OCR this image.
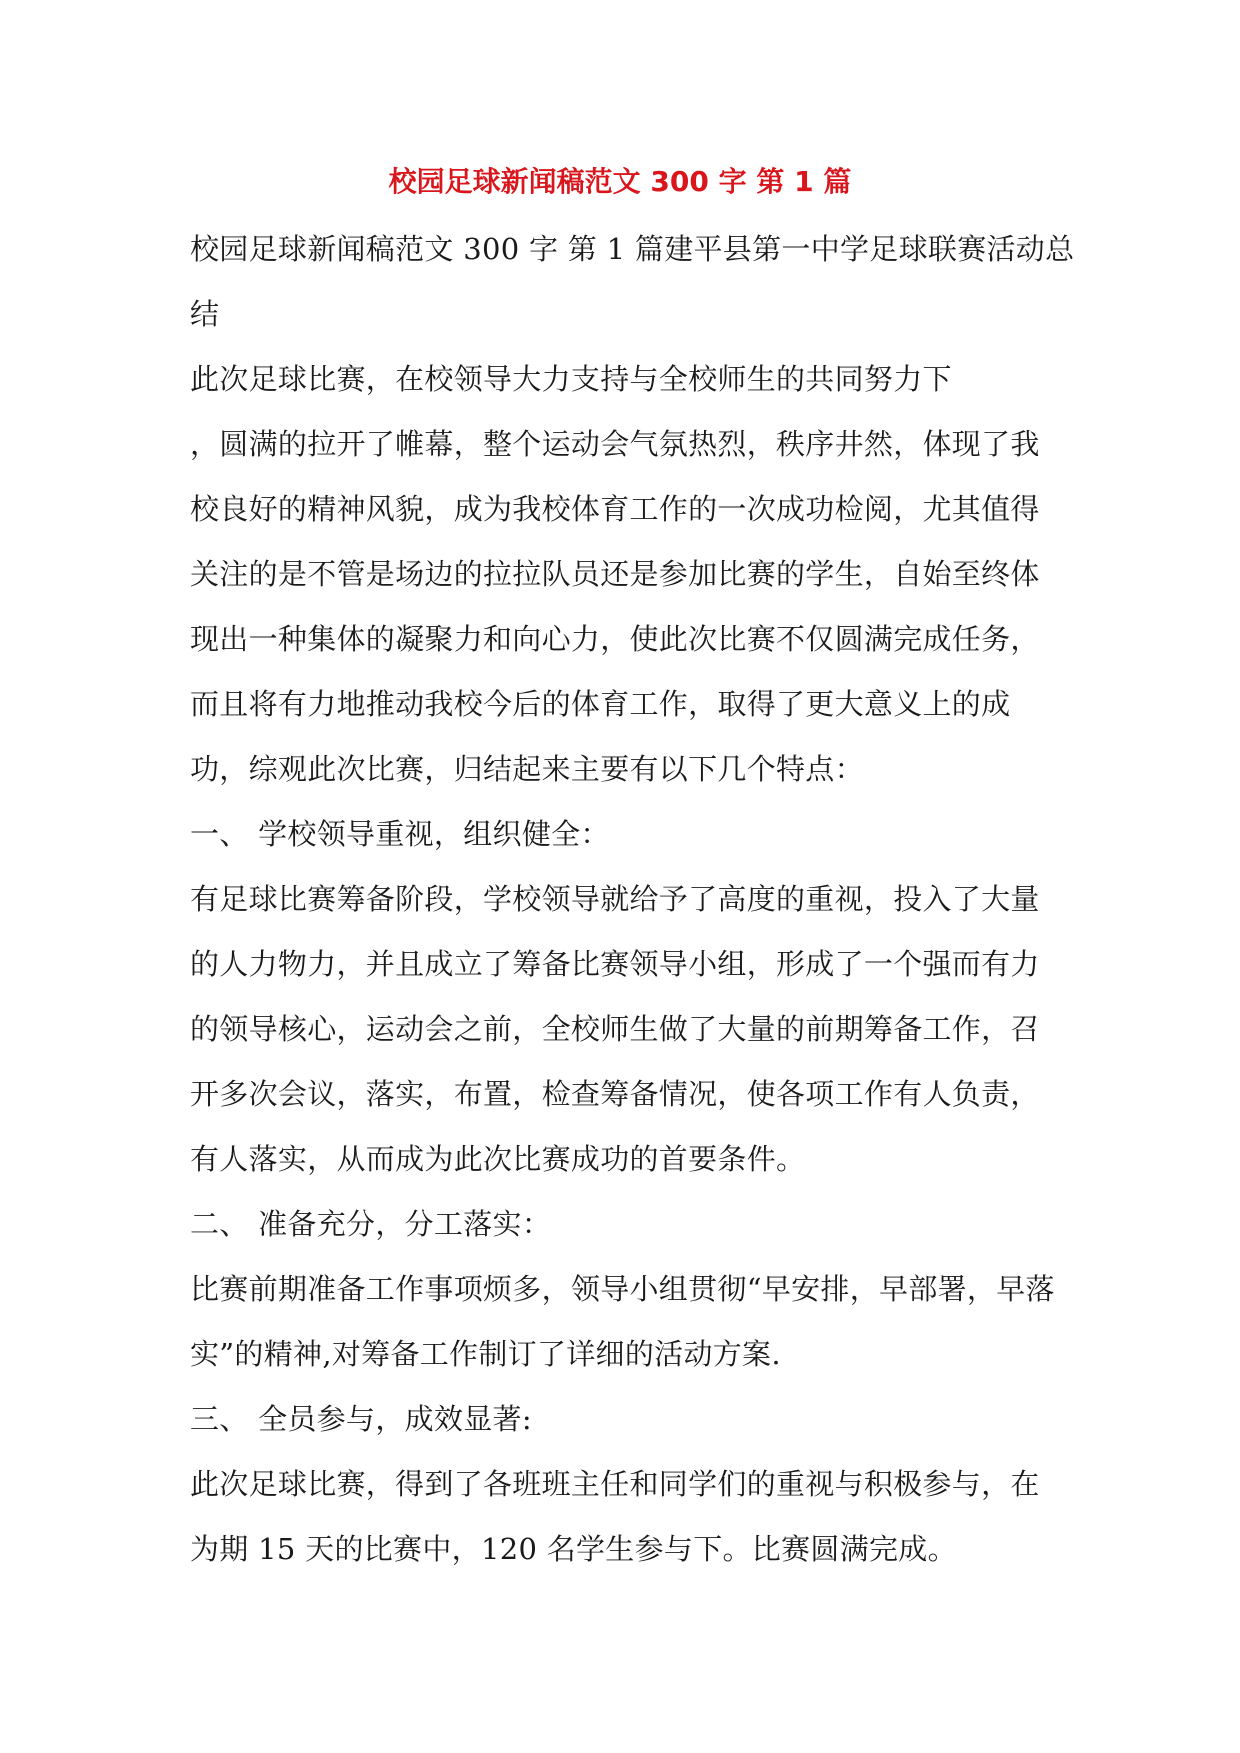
校园足球新闻稿范文 300 字 第 1 篇
校园足球新闻稿范文 300 字 第 1 篇建平县第一中学足球联赛活动总
结
此次足球比赛，在校领导大力支持与全校师生的共同努力下
，圆满的拉开了帷幕，整个运动会气氛热烈，秩序井然，体现了我
校良好的精神风貌，成为我校体育工作的一次成功检阅，尤其值得
关注的是不管是场边的拉拉队员还是参加比赛的学生，自始至终体
现出一种集体的凝聚力和向心力，使此次比赛不仅圆满完成任务，
而且将有力地推动我校今后的体育工作，取得了更大意义上的成
功，综观此次比赛，归结起来主要有以下几个特点：
一、 学校领导重视，组织健全：
有足球比赛筹备阶段，学校领导就给予了高度的重视，投入了大量
的人力物力，并且成立了筹备比赛领导小组，形成了一个强而有力
的领导核心，运动会之前，全校师生做了大量的前期筹备工作，召
开多次会议，落实，布置，检查筹备情况，使各项工作有人负责，
有人落实，从而成为此次比赛成功的首要条件。
二、 准备充分，分工落实：
比赛前期准备工作事项烦多，领导小组贯彻“早安排，早部署，早落
实”的精神,对筹备工作制订了详细的活动方案.
三、 全员参与，成效显著:
此次足球比赛，得到了各班班主任和同学们的重视与积极参与，在
为期 15 天的比赛中，120 名学生参与下。比赛圆满完成。
